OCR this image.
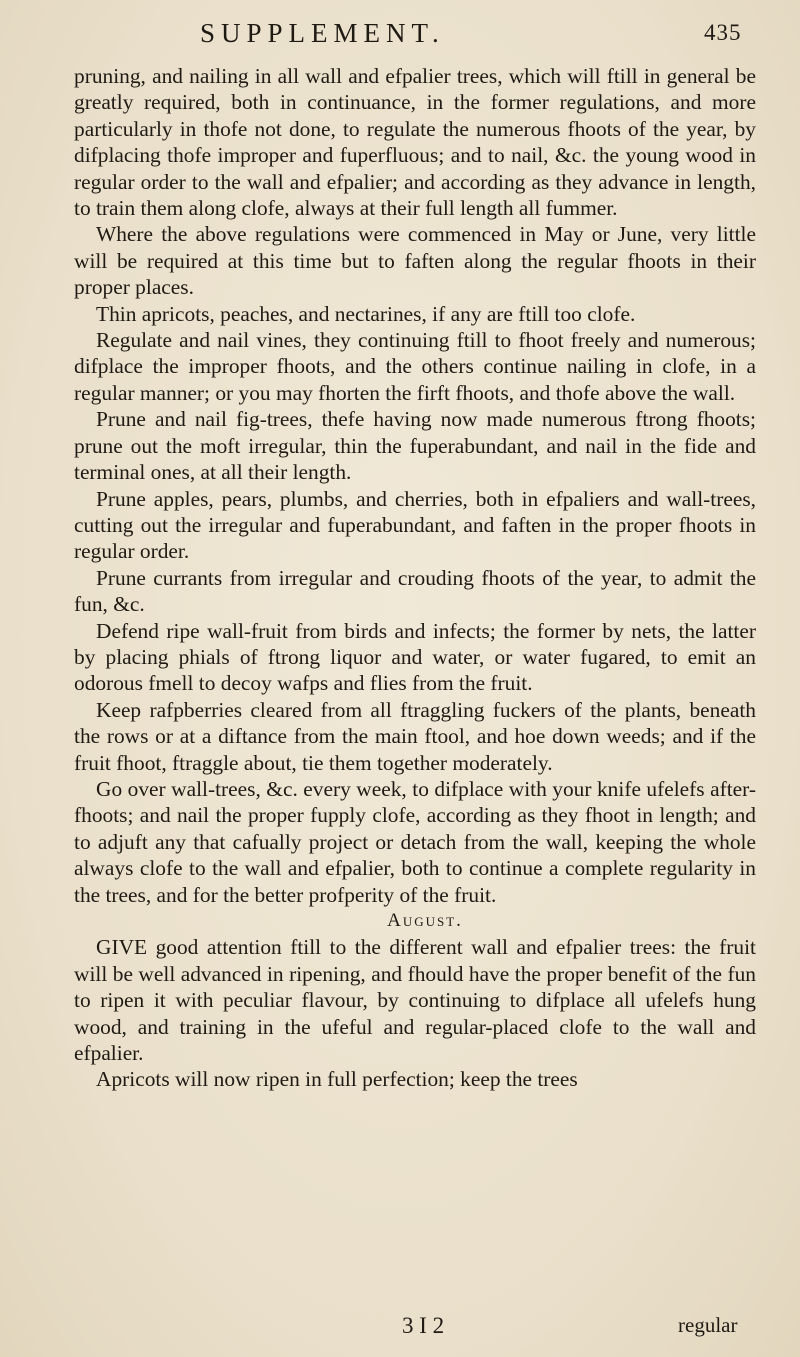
SUPPLEMENT.	435

pruning, and nailing in all wall and efpalier trees, which will ftill in general be greatly required, both in continuance, in the former regulations, and more particularly in thofe not done, to regulate the numerous fhoots of the year, by difplacing thofe improper and fuperfluous; and to nail, &c. the young wood in regular order to the wall and efpalier; and according as they advance in length, to train them along clofe, always at their full length all fummer.

Where the above regulations were commenced in May or June, very little will be required at this time but to faften along the regular fhoots in their proper places.

Thin apricots, peaches, and nectarines, if any are ftill too clofe.

Regulate and nail vines, they continuing ftill to fhoot freely and numerous; difplace the improper fhoots, and the others continue nailing in clofe, in a regular manner; or you may fhorten the firft fhoots, and thofe above the wall.

Prune and nail fig-trees, thefe having now made numerous ftrong fhoots; prune out the moft irregular, thin the fuperabundant, and nail in the fide and terminal ones, at all their length.

Prune apples, pears, plumbs, and cherries, both in efpaliers and wall-trees, cutting out the irregular and fuperabundant, and faften in the proper fhoots in regular order.

Prune currants from irregular and crouding fhoots of the year, to admit the fun, &c.

Defend ripe wall-fruit from birds and infects; the former by nets, the latter by placing phials of ftrong liquor and water, or water fugared, to emit an odorous fmell to decoy wafps and flies from the fruit.

Keep rafpberries cleared from all ftraggling fuckers of the plants, beneath the rows or at a diftance from the main ftool, and hoe down weeds; and if the fruit fhoot, ftraggle about, tie them together moderately.

Go over wall-trees, &c. every week, to difplace with your knife ufelefs after-fhoots; and nail the proper fupply clofe, according as they fhoot in length; and to adjuft any that cafually project or detach from the wall, keeping the whole always clofe to the wall and efpalier, both to continue a complete regularity in the trees, and for the better profperity of the fruit.

August.

GIVE good attention ftill to the different wall and efpalier trees: the fruit will be well advanced in ripening, and fhould have the proper benefit of the fun to ripen it with peculiar flavour, by continuing to difplace all ufelefs hung wood, and training in the ufeful and regular-placed clofe to the wall and efpalier.

Apricots will now ripen in full perfection; keep the trees

3 I 2	regular
